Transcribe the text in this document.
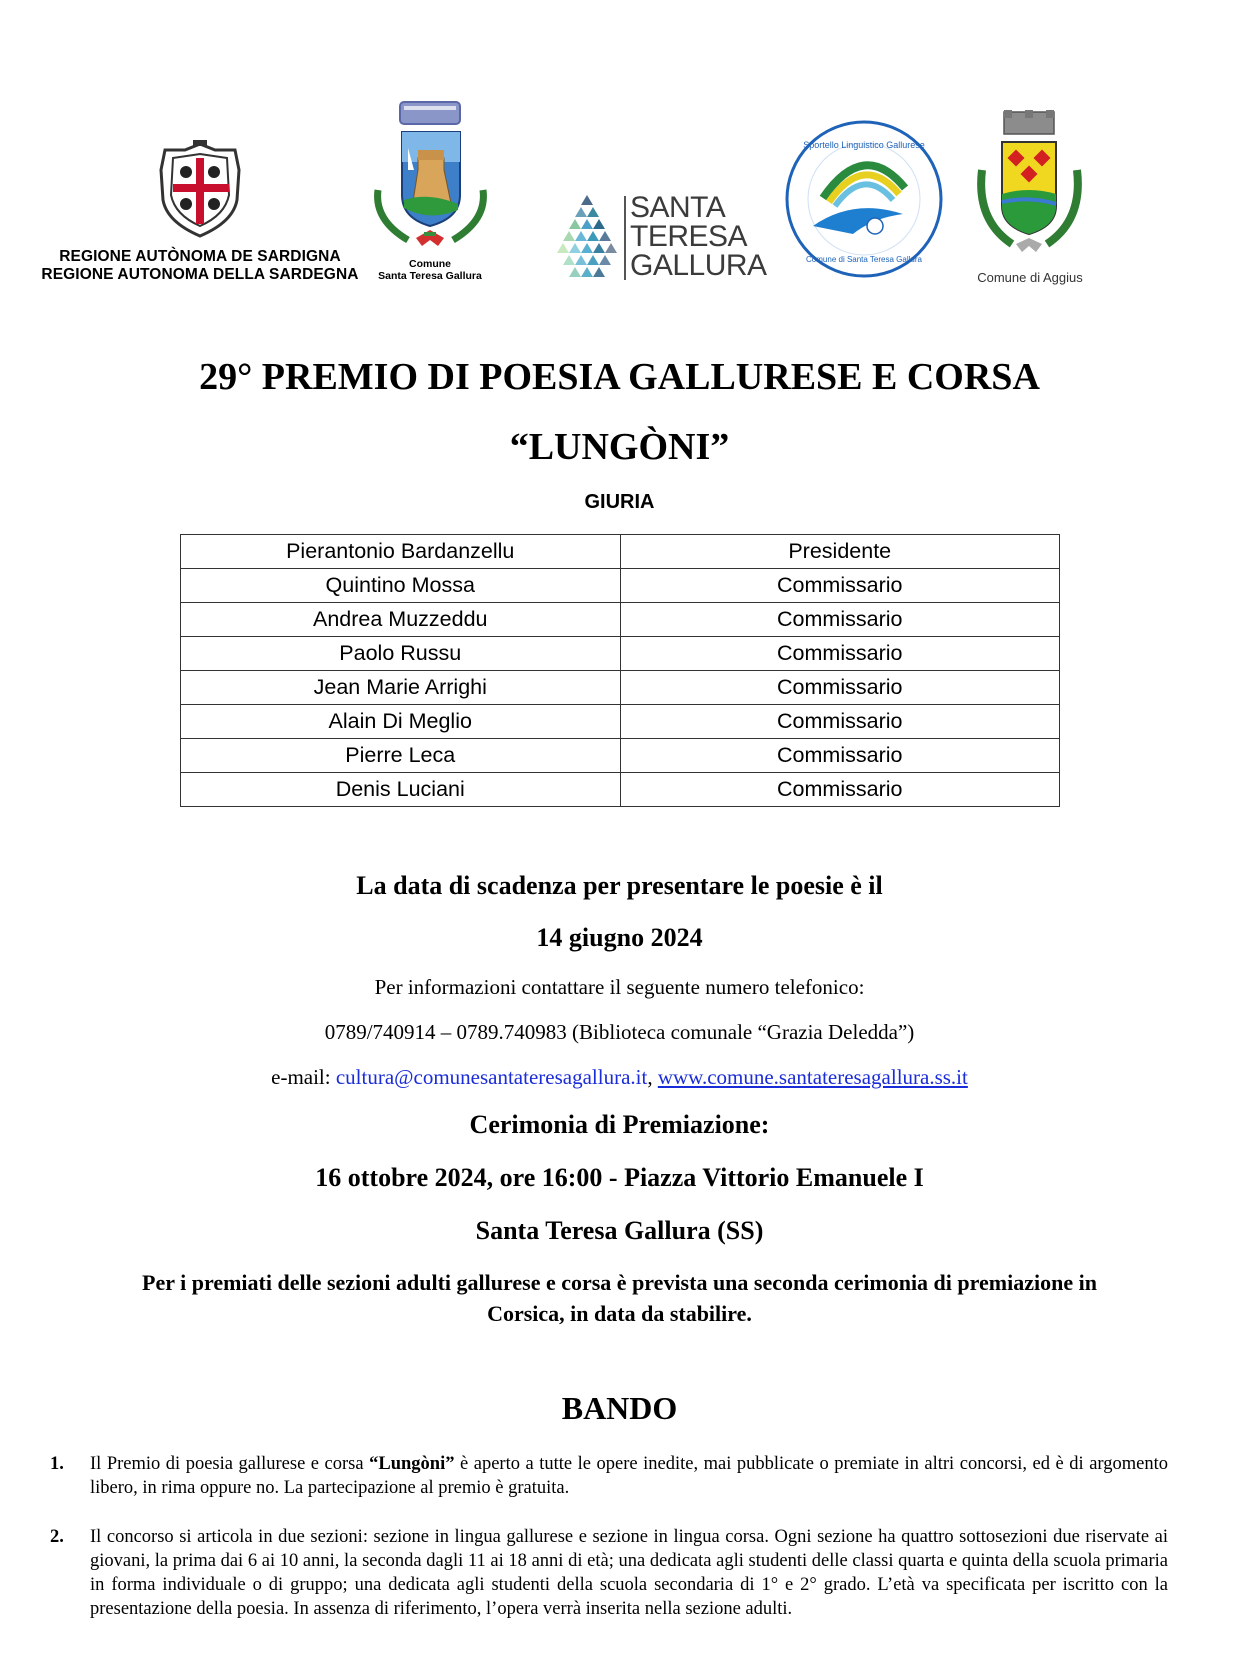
REGIONE AUTÒNOMA DE SARDIGNA
REGIONE AUTONOMA DELLA SARDEGNA
Comune
Santa Teresa Gallura
SANTA
TERESA
GALLURA
Sportello Linguistico Gallurese
Comune di Santa Teresa Gallura
Comune di Aggius
29° PREMIO DI POESIA GALLURESE E CORSA
“LUNGÒNI”
GIURIA
Pierantonio Bardanzellu	Presidente
Quintino Mossa	Commissario
Andrea Muzzeddu	Commissario
Paolo Russu	Commissario
Jean Marie Arrighi	Commissario
Alain Di Meglio	Commissario
Pierre Leca	Commissario
Denis Luciani	Commissario
La data di scadenza per presentare le poesie è il
14 giugno 2024
Per informazioni contattare il seguente numero telefonico:
0789/740914 – 0789.740983 (Biblioteca comunale “Grazia Deledda”)
e-mail: cultura@comunesantateresagallura.it, www.comune.santateresagallura.ss.it
Cerimonia di Premiazione:
16 ottobre 2024, ore 16:00 - Piazza Vittorio Emanuele I
Santa Teresa Gallura (SS)
Per i premiati delle sezioni adulti gallurese e corsa è prevista una seconda cerimonia di premiazione in
Corsica, in data da stabilire.
BANDO
1. Il Premio di poesia gallurese e corsa “Lungòni” è aperto a tutte le opere inedite, mai pubblicate o premiate in altri concorsi, ed è di argomento libero, in rima oppure no. La partecipazione al premio è gratuita.
2. Il concorso si articola in due sezioni: sezione in lingua gallurese e sezione in lingua corsa. Ogni sezione ha quattro sottosezioni due riservate ai giovani, la prima dai 6 ai 10 anni, la seconda dagli 11 ai 18 anni di età; una dedicata agli studenti delle classi quarta e quinta della scuola primaria in forma individuale o di gruppo; una dedicata agli studenti della scuola secondaria di 1° e 2° grado. L’età va specificata per iscritto con la presentazione della poesia. In assenza di riferimento, l’opera verrà inserita nella sezione adulti.
